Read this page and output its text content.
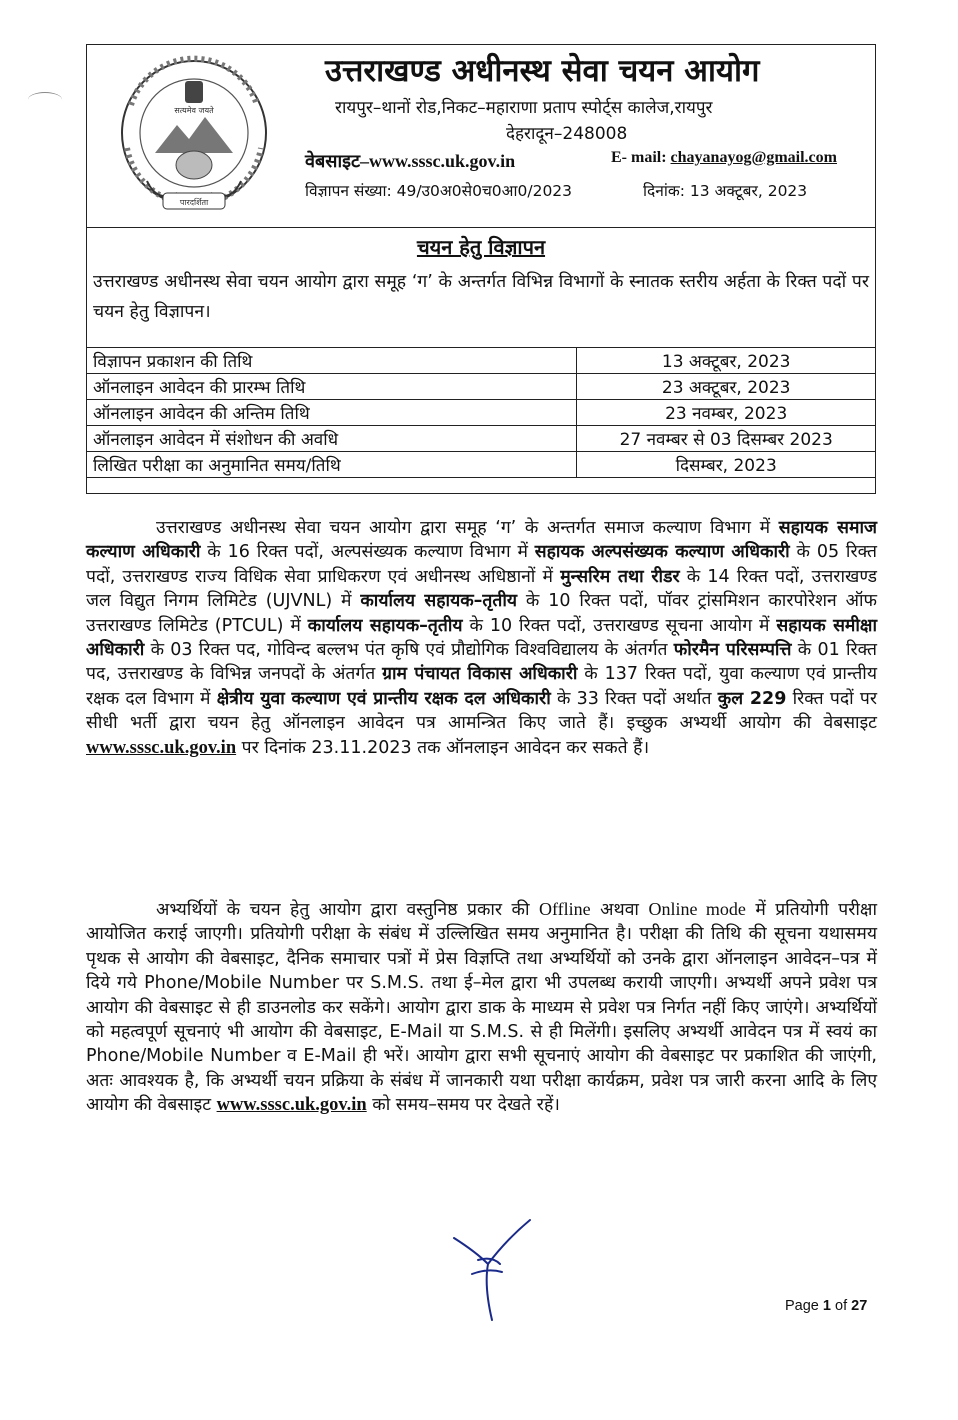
सत्यमेव जयते
पारदर्शिता
उत्तराखण्ड अधीनस्थ सेवा चयन आयोग
रायपुर–थानों रोड,निकट–महाराणा प्रताप स्पोर्ट्स कालेज,रायपुर
देहरादून–248008
वेबसाइट–www.sssc.uk.gov.in	E- mail: chayanayog@gmail.com
विज्ञापन संख्या: 49/उ0अ0से0च0आ0/2023	दिनांक: 13 अक्टूबर, 2023
चयन हेतु विज्ञापन
उत्तराखण्ड अधीनस्थ सेवा चयन आयोग द्वारा समूह ‘ग’ के अन्तर्गत विभिन्न विभागों के स्नातक स्तरीय अर्हता के रिक्त पदों पर चयन हेतु विज्ञापन।
विज्ञापन प्रकाशन की तिथि	13 अक्टूबर, 2023
ऑनलाइन आवेदन की प्रारम्भ तिथि	23 अक्टूबर, 2023
ऑनलाइन आवेदन की अन्तिम तिथि	23 नवम्बर, 2023
ऑनलाइन आवेदन में संशोधन की अवधि	27 नवम्बर से 03 दिसम्बर 2023
लिखित परीक्षा का अनुमानित समय/तिथि	दिसम्बर, 2023
उत्तराखण्ड अधीनस्थ सेवा चयन आयोग द्वारा समूह ‘ग’ के अन्तर्गत समाज कल्याण विभाग में सहायक समाज कल्याण अधिकारी के 16 रिक्त पदों, अल्पसंख्यक कल्याण विभाग में सहायक अल्पसंख्यक कल्याण अधिकारी के 05 रिक्त पदों, उत्तराखण्ड राज्य विधिक सेवा प्राधिकरण एवं अधीनस्थ अधिष्ठानों में मुन्सरिम तथा रीडर के 14 रिक्त पदों, उत्तराखण्ड जल विद्युत निगम लिमिटेड (UJVNL) में कार्यालय सहायक–तृतीय के 10 रिक्त पदों, पॉवर ट्रांसमिशन कारपोरेशन ऑफ उत्तराखण्ड लिमिटेड (PTCUL) में कार्यालय सहायक–तृतीय के 10 रिक्त पदों, उत्तराखण्ड सूचना आयोग में सहायक समीक्षा अधिकारी के 03 रिक्त पद, गोविन्द बल्लभ पंत कृषि एवं प्रौद्योगिक विश्वविद्यालय के अंतर्गत फोरमैन परिसम्पत्ति के 01 रिक्त पद, उत्तराखण्ड के विभिन्न जनपदों के अंतर्गत ग्राम पंचायत विकास अधिकारी के 137 रिक्त पदों, युवा कल्याण एवं प्रान्तीय रक्षक दल विभाग में क्षेत्रीय युवा कल्याण एवं प्रान्तीय रक्षक दल अधिकारी के 33 रिक्त पदों अर्थात कुल 229 रिक्त पदों पर सीधी भर्ती द्वारा चयन हेतु ऑनलाइन आवेदन पत्र आमन्त्रित किए जाते हैं। इच्छुक अभ्यर्थी आयोग की वेबसाइट www.sssc.uk.gov.in पर दिनांक 23.11.2023 तक ऑनलाइन आवेदन कर सकते हैं।
अभ्यर्थियों के चयन हेतु आयोग द्वारा वस्तुनिष्ठ प्रकार की Offline अथवा Online mode में प्रतियोगी परीक्षा आयोजित कराई जाएगी। प्रतियोगी परीक्षा के संबंध में उल्लिखित समय अनुमानित है। परीक्षा की तिथि की सूचना यथासमय पृथक से आयोग की वेबसाइट, दैनिक समाचार पत्रों में प्रेस विज्ञप्ति तथा अभ्यर्थियों को उनके द्वारा ऑनलाइन आवेदन–पत्र में दिये गये Phone/Mobile Number पर S.M.S. तथा ई–मेल द्वारा भी उपलब्ध करायी जाएगी। अभ्यर्थी अपने प्रवेश पत्र आयोग की वेबसाइट से ही डाउनलोड कर सकेंगे। आयोग द्वारा डाक के माध्यम से प्रवेश पत्र निर्गत नहीं किए जाएंगे। अभ्यर्थियों को महत्वपूर्ण सूचनाएं भी आयोग की वेबसाइट, E-Mail या S.M.S. से ही मिलेंगी। इसलिए अभ्यर्थी आवेदन पत्र में स्वयं का Phone/Mobile Number व E-Mail ही भरें। आयोग द्वारा सभी सूचनाएं आयोग की वेबसाइट पर प्रकाशित की जाएंगी, अतः आवश्यक है, कि अभ्यर्थी चयन प्रक्रिया के संबंध में जानकारी यथा परीक्षा कार्यक्रम, प्रवेश पत्र जारी करना आदि के लिए आयोग की वेबसाइट www.sssc.uk.gov.in को समय–समय पर देखते रहें।
Page 1 of 27
